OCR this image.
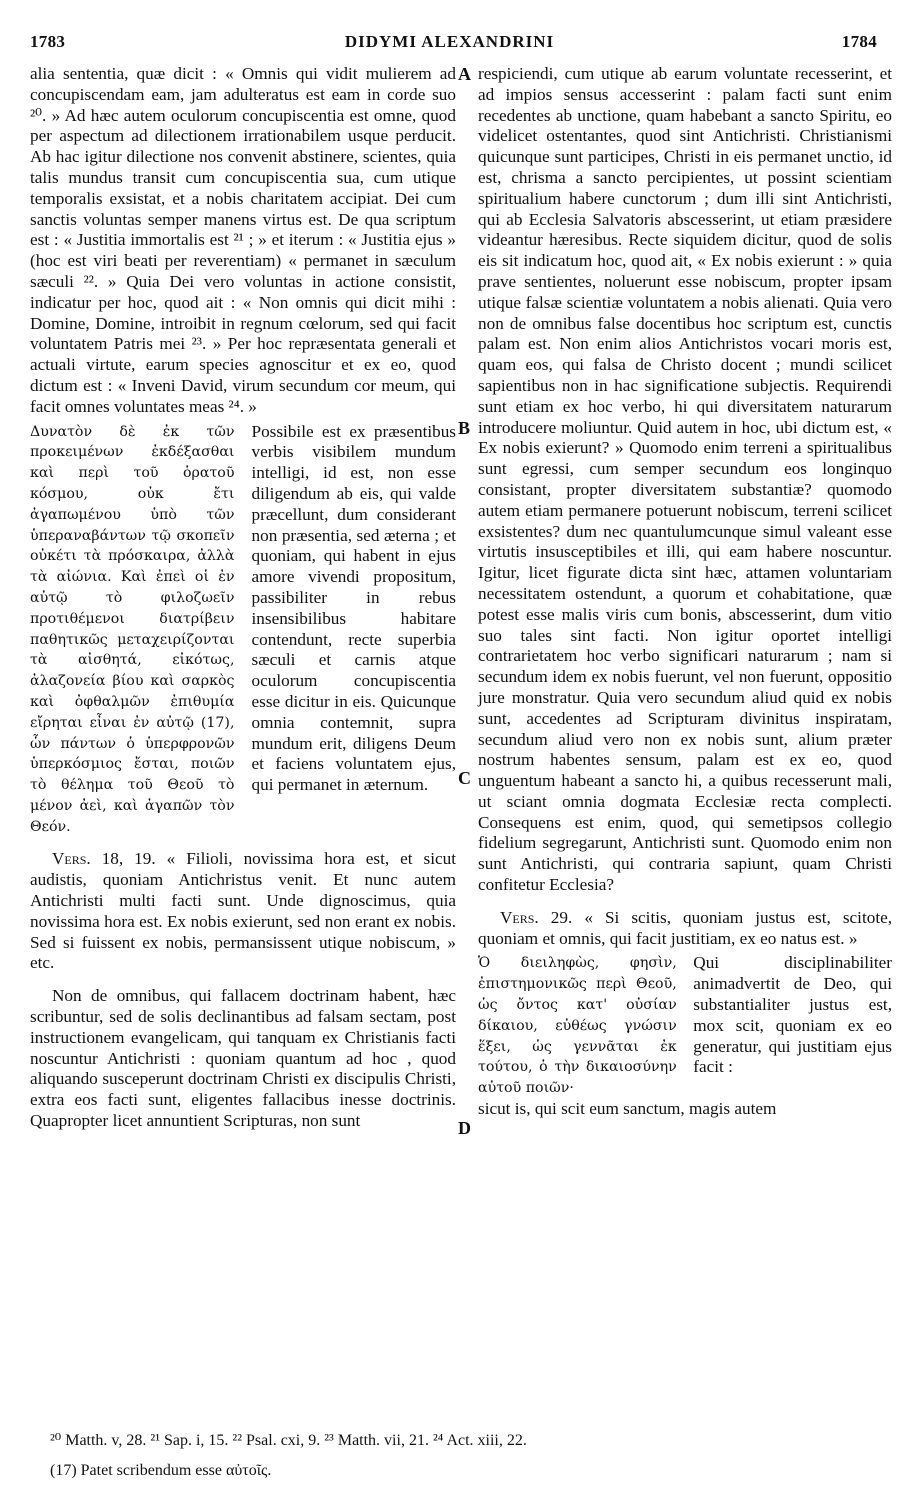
1783	DIDYMI ALEXANDRINI	1784

alia sententia, quæ dicit : « Omnis qui vidit mulierem ad concupiscendam eam, jam adulteratus est eam in corde suo ²⁰. » Ad hæc autem oculorum concupiscentia est omne, quod per aspectum ad dilectionem irrationabilem usque perducit. Ab hac igitur dilectione nos convenit abstinere, scientes, quia talis mundus transit cum concupiscentia sua, cum utique temporalis exsistat, et a nobis charitatem accipiat. Dei cum sanctis voluntas semper manens virtus est. De qua scriptum est : « Justitia immortalis est ²¹ ; » et iterum : « Justitia ejus » (hoc est viri beati per reverentiam) « permanet in sæculum sæculi ²². » Quia Dei vero voluntas in actione consistit, indicatur per hoc, quod ait : « Non omnis qui dicit mihi : Domine, Domine, introibit in regnum cœlorum, sed qui facit voluntatem Patris mei ²³. » Per hoc repræsentata generali et actuali virtute, earum species agnoscitur et ex eo, quod dictum est : « Inveni David, virum secundum cor meum, qui facit omnes voluntates meas ²⁴. »

Δυνατὸν δὲ ἐκ τῶν προκειμένων ἐκδέξασθαι καὶ περὶ τοῦ ὁρατοῦ κόσμου, οὐκ ἔτι ἀγαπωμένου ὑπὸ τῶν ὑπεραναβάντων τῷ σκοπεῖν οὐκέτι τὰ πρόσκαιρα, ἀλλὰ τὰ αἰώνια. Καὶ ἐπεὶ οἱ ἐν αὐτῷ τὸ φιλοζωεῖν προτιθέμενοι διατρίβειν παθητικῶς μεταχειρίζονται τὰ αἰσθητά, εἰκότως, ἀλαζονεία βίου καὶ σαρκὸς καὶ ὀφθαλμῶν ἐπιθυμία εἴρηται εἶναι ἐν αὐτῷ (17), ὧν πάντων ὁ ὑπερφρονῶν ὑπερκόσμιος ἔσται, ποιῶν τὸ θέλημα τοῦ Θεοῦ τὸ μένον ἀεὶ, καὶ ἀγαπῶν τὸν Θεόν.
Possibile est ex præsentibus verbis visibilem mundum intelligi, id est, non esse diligendum ab eis, qui valde præcellunt, dum considerant non præsentia, sed æterna ; et quoniam, qui habent in ejus amore vivendi propositum, passibiliter in rebus insensibilibus habitare contendunt, recte superbia sæculi et carnis atque oculorum concupiscentia esse dicitur in eis. Quicunque omnia contemnit, supra mundum erit, diligens Deum et faciens voluntatem ejus, qui permanet in æternum.

Vers. 18, 19. « Filioli, novissima hora est, et sicut audistis, quoniam Antichristus venit. Et nunc autem Antichristi multi facti sunt. Unde dignoscimus, quia novissima hora est. Ex nobis exierunt, sed non erant ex nobis. Sed si fuissent ex nobis, permansissent utique nobiscum, » etc.

Non de omnibus, qui fallacem doctrinam habent, hæc scribuntur, sed de solis declinantibus ad falsam sectam, post instructionem evangelicam, qui tanquam ex Christianis facti noscuntur Antichristi : quoniam quantum ad hoc , quod aliquando susceperunt doctrinam Christi ex discipulis Christi, extra eos facti sunt, eligentes fallacibus inesse doctrinis. Quapropter licet annuntient Scripturas, non sunt

respiciendi, cum utique ab earum voluntate recesserint, et ad impios sensus accesserint : palam facti sunt enim recedentes ab unctione, quam habebant a sancto Spiritu, eo videlicet ostentantes, quod sint Antichristi. Christianismi quicunque sunt participes, Christi in eis permanet unctio, id est, chrisma a sancto percipientes, ut possint scientiam spiritualium habere cunctorum ; dum illi sint Antichristi, qui ab Ecclesia Salvatoris abscesserint, ut etiam præsidere videantur hæresibus. Recte siquidem dicitur, quod de solis eis sit indicatum hoc, quod ait, « Ex nobis exierunt : » quia prave sentientes, noluerunt esse nobiscum, propter ipsam utique falsæ scientiæ voluntatem a nobis alienati. Quia vero non de omnibus false docentibus hoc scriptum est, cunctis palam est. Non enim alios Antichristos vocari moris est, quam eos, qui falsa de Christo docent ; mundi scilicet sapientibus non in hac significatione subjectis. Requirendi sunt etiam ex hoc verbo, hi qui diversitatem naturarum introducere moliuntur. Quid autem in hoc, ubi dictum est, « Ex nobis exierunt? » Quomodo enim terreni a spiritualibus sunt egressi, cum semper secundum eos longinquo consistant, propter diversitatem substantiæ? quomodo autem etiam permanere potuerunt nobiscum, terreni scilicet exsistentes? dum nec quantulumcunque simul valeant esse virtutis insusceptibiles et illi, qui eam habere noscuntur. Igitur, licet figurate dicta sint hæc, attamen voluntariam necessitatem ostendunt, a quorum et cohabitatione, quæ potest esse malis viris cum bonis, abscesserint, dum vitio suo tales sint facti. Non igitur oportet intelligi contrarietatem hoc verbo significari naturarum ; nam si secundum idem ex nobis fuerunt, vel non fuerunt, oppositio jure monstratur. Quia vero secundum aliud quid ex nobis sunt, accedentes ad Scripturam divinitus inspiratam, secundum aliud vero non ex nobis sunt, alium præter nostrum habentes sensum, palam est ex eo, quod unguentum habeant a sancto hi, a quibus recesserunt mali, ut sciant omnia dogmata Ecclesiæ recta complecti. Consequens est enim, quod, qui semetipsos collegio fidelium segregarunt, Antichristi sunt. Quomodo enim non sunt Antichristi, qui contraria sapiunt, quam Christi confitetur Ecclesia?

Vers. 29. « Si scitis, quoniam justus est, scitote, quoniam et omnis, qui facit justitiam, ex eo natus est. »

Ὁ διειληφὼς, φησὶν, ἐπιστημονικῶς περὶ Θεοῦ, ὡς ὄντος κατ' οὐσίαν δίκαιου, εὐθέως γνώσιν ἕξει, ὡς γεννᾶται ἐκ τούτου, ὁ τὴν δικαιοσύνην αὐτοῦ ποιῶν·
Qui disciplinabiliter animadvertit de Deo, qui substantialiter justus est, mox scit, quoniam ex eo generatur, qui justitiam ejus facit :

sicut is, qui scit eum sanctum, magis autem

A
B
C
D
²⁰ Matth. v, 28. ²¹ Sap. i, 15. ²² Psal. cxi, 9. ²³ Matth. vii, 21. ²⁴ Act. xiii, 22.
(17) Patet scribendum esse αὐτοῖς.
